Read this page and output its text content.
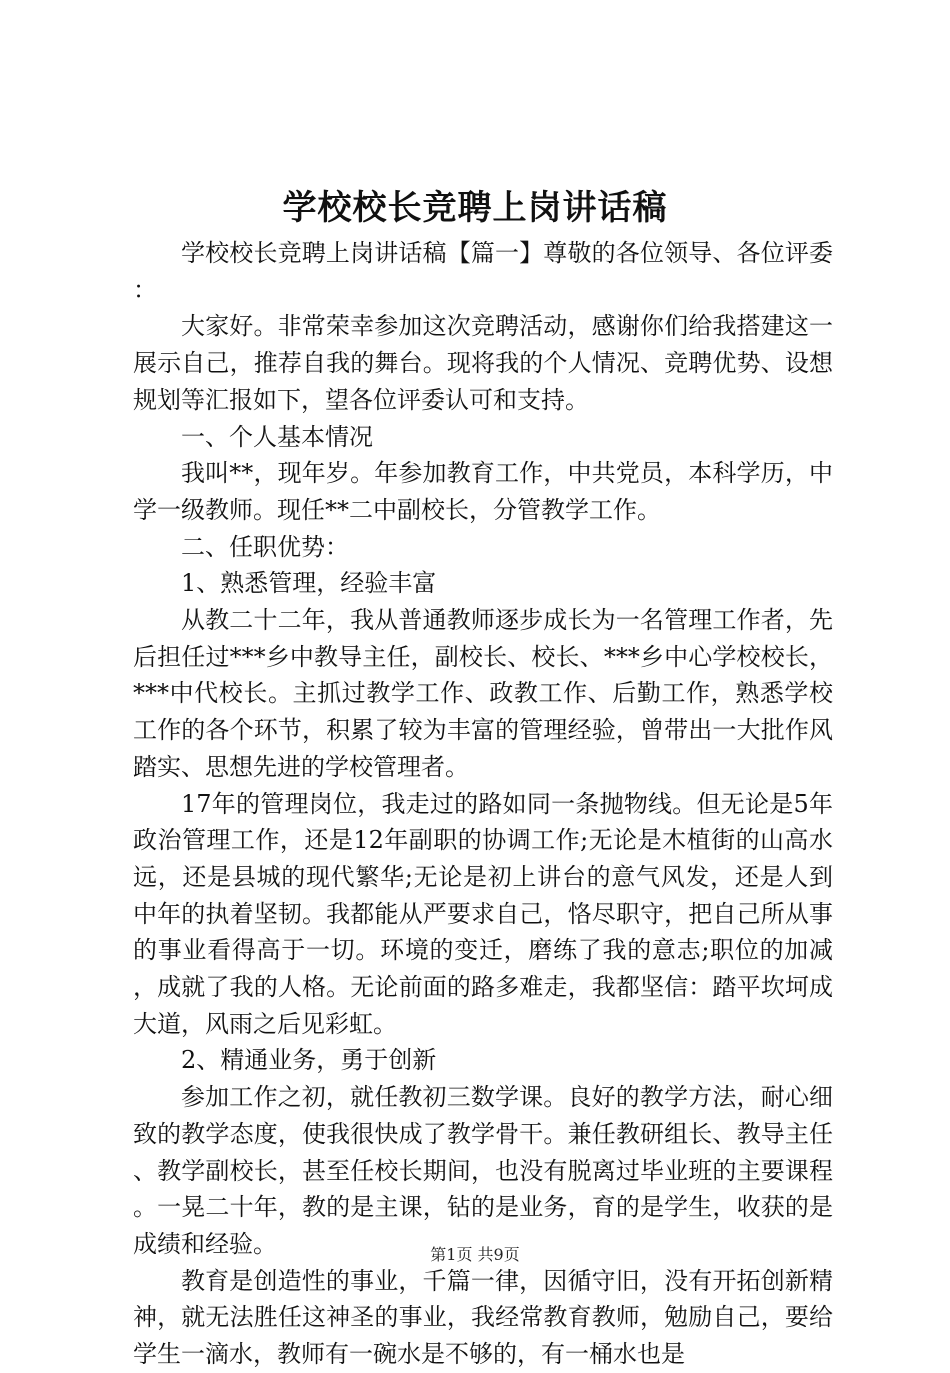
学校校长竞聘上岗讲话稿

学校校长竞聘上岗讲话稿【篇一】尊敬的各位领导、各位评委：

大家好。非常荣幸参加这次竞聘活动，感谢你们给我搭建这一展示自己，推荐自我的舞台。现将我的个人情况、竞聘优势、设想规划等汇报如下，望各位评委认可和支持。

一、个人基本情况

我叫**，现年岁。年参加教育工作，中共党员，本科学历，中学一级教师。现任**二中副校长，分管教学工作。

二、任职优势：

1、熟悉管理，经验丰富

从教二十二年，我从普通教师逐步成长为一名管理工作者，先后担任过***乡中教导主任，副校长、校长、***乡中心学校校长，***中代校长。主抓过教学工作、政教工作、后勤工作，熟悉学校工作的各个环节，积累了较为丰富的管理经验，曾带出一大批作风踏实、思想先进的学校管理者。

17年的管理岗位，我走过的路如同一条抛物线。但无论是5年政治管理工作，还是12年副职的协调工作;无论是木植街的山高水远，还是县城的现代繁华;无论是初上讲台的意气风发，还是人到中年的执着坚韧。我都能从严要求自己，恪尽职守，把自己所从事的事业看得高于一切。环境的变迁，磨练了我的意志;职位的加减，成就了我的人格。无论前面的路多难走，我都坚信：踏平坎坷成大道，风雨之后见彩虹。

2、精通业务，勇于创新

参加工作之初，就任教初三数学课。良好的教学方法，耐心细致的教学态度，使我很快成了教学骨干。兼任教研组长、教导主任、教学副校长，甚至任校长期间，也没有脱离过毕业班的主要课程。一晃二十年，教的是主课，钻的是业务，育的是学生，收获的是成绩和经验。

教育是创造性的事业，千篇一律，因循守旧，没有开拓创新精神，就无法胜任这神圣的事业，我经常教育教师，勉励自己，要给学生一滴水，教师有一碗水是不够的，有一桶水也是

第1页 共9页
